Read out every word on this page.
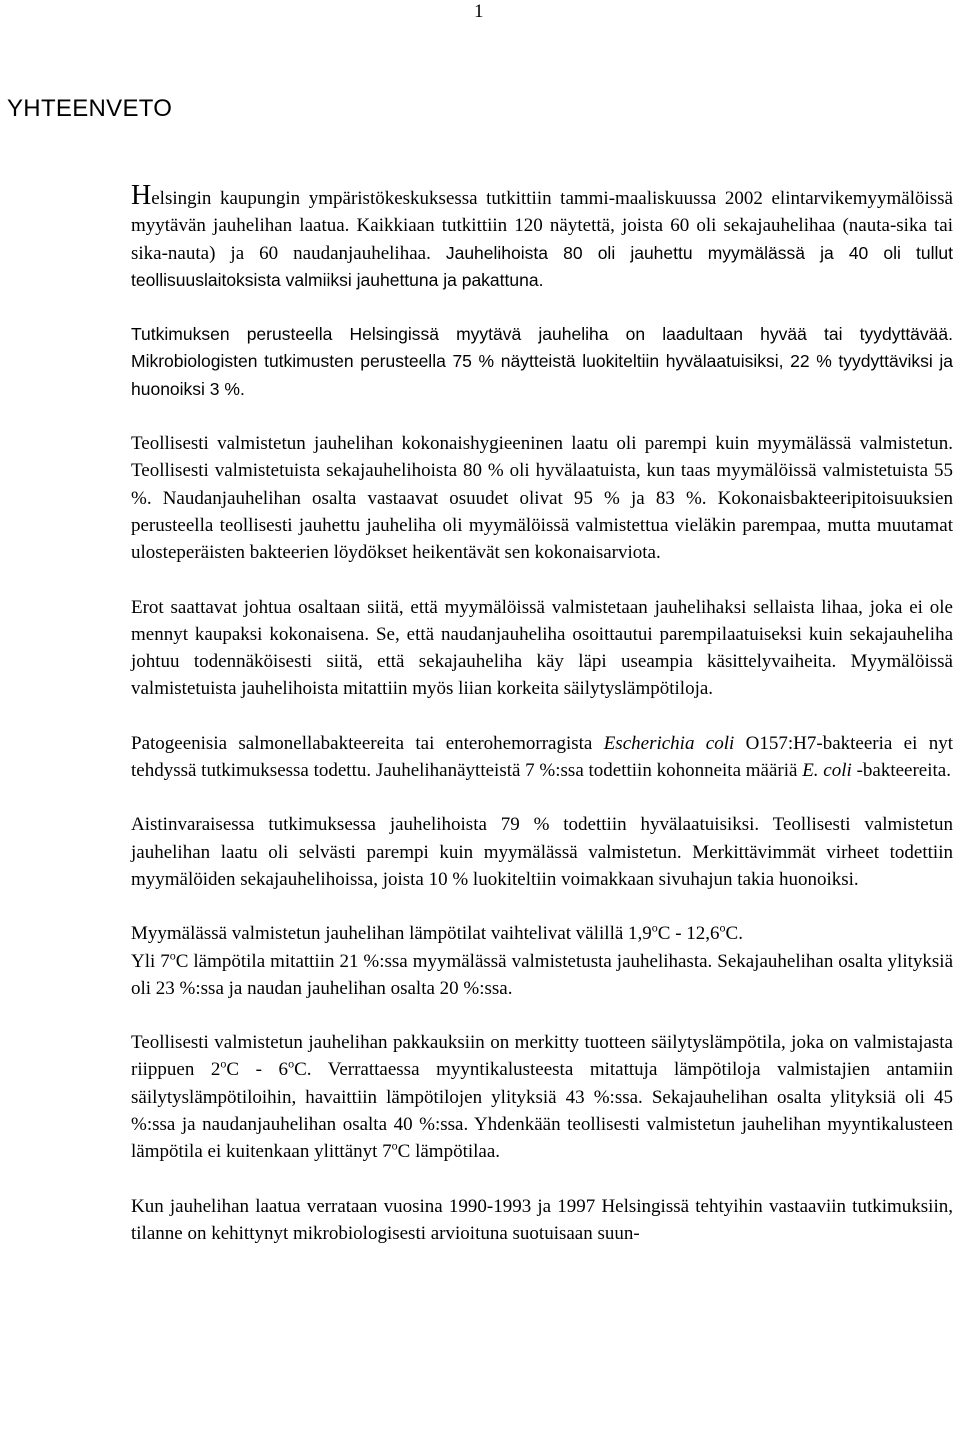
1
YHTEENVETO

Helsingin kaupungin ympäristökeskuksessa tutkittiin tammi-maaliskuussa 2002 elintarvikemyymälöissä myytävän jauhelihan laatua. Kaikkiaan tutkittiin 120 näytettä, joista 60 oli sekajauhelihaa (nauta-sika tai sika-nauta) ja 60 naudanjauhelihaa. Jauhelihoista 80 oli jauhettu myymälässä ja 40 oli tullut teollisuuslaitoksista valmiiksi jauhettuna ja pakattuna.

Tutkimuksen perusteella Helsingissä myytävä jauheliha on laadultaan hyvää tai tyydyttävää. Mikrobiologisten tutkimusten perusteella 75 % näytteistä luokiteltiin hyvälaatuisiksi, 22 % tyydyttäviksi ja huonoiksi 3 %.

Teollisesti valmistetun jauhelihan kokonaishygieeninen laatu oli parempi kuin myymälässä valmistetun. Teollisesti valmistetuista sekajauhelihoista 80 % oli hyvälaatuista, kun taas myymälöissä valmistetuista 55 %. Naudanjauhelihan osalta vastaavat osuudet olivat 95 % ja 83 %. Kokonaisbakteeripitoisuuksien perusteella teollisesti jauhettu jauheliha oli myymälöissä valmistettua vieläkin parempaa, mutta muutamat ulosteperäisten bakteerien löydökset heikentävät sen kokonaisarviota.

Erot saattavat johtua osaltaan siitä, että myymälöissä valmistetaan jauhelihaksi sellaista lihaa, joka ei ole mennyt kaupaksi kokonaisena. Se, että naudanjauheliha osoittautui parempilaatuiseksi kuin sekajauheliha johtuu todennäköisesti siitä, että sekajauheliha käy läpi useampia käsittelyvaiheita. Myymälöissä valmistetuista jauhelihoista mitattiin myös liian korkeita säilytyslämpötiloja.

Patogeenisia salmonellabakteereita tai enterohemorragista Escherichia coli O157:H7-bakteeria ei nyt tehdyssä tutkimuksessa todettu. Jauhelihanäytteistä 7 %:ssa todettiin kohonneita määriä E. coli -bakteereita.

Aistinvaraisessa tutkimuksessa jauhelihoista 79 % todettiin hyvälaatuisiksi. Teollisesti valmistetun jauhelihan laatu oli selvästi parempi kuin myymälässä valmistetun. Merkittävimmät virheet todettiin myymälöiden sekajauhelihoissa, joista 10 % luokiteltiin voimakkaan sivuhajun takia huonoiksi.

Myymälässä valmistetun jauhelihan lämpötilat vaihtelivat välillä 1,9$^o$C - 12,6$^o$C.
Yli 7$^o$C lämpötila mitattiin 21 %:ssa myymälässä valmistetusta jauhelihasta. Sekajauhelihan osalta ylityksiä oli 23 %:ssa ja naudan jauhelihan osalta 20 %:ssa.

Teollisesti valmistetun jauhelihan pakkauksiin on merkitty tuotteen säilytyslämpötila, joka on valmistajasta riippuen 2$^o$C - 6$^o$C. Verrattaessa myyntikalusteesta mitattuja lämpötiloja valmistajien antamiin säilytyslämpötiloihin, havaittiin lämpötilojen ylityksiä 43 %:ssa. Sekajauhelihan osalta ylityksiä oli 45 %:ssa ja naudanjauhelihan osalta 40 %:ssa. Yhdenkään teollisesti valmistetun jauhelihan myyntikalusteen lämpötila ei kuitenkaan ylittänyt 7$^o$C lämpötilaa.

Kun jauhelihan laatua verrataan vuosina 1990-1993 ja 1997 Helsingissä tehtyihin vastaaviin tutkimuksiin, tilanne on kehittynyt mikrobiologisesti arvioituna suotuisaan suun-
